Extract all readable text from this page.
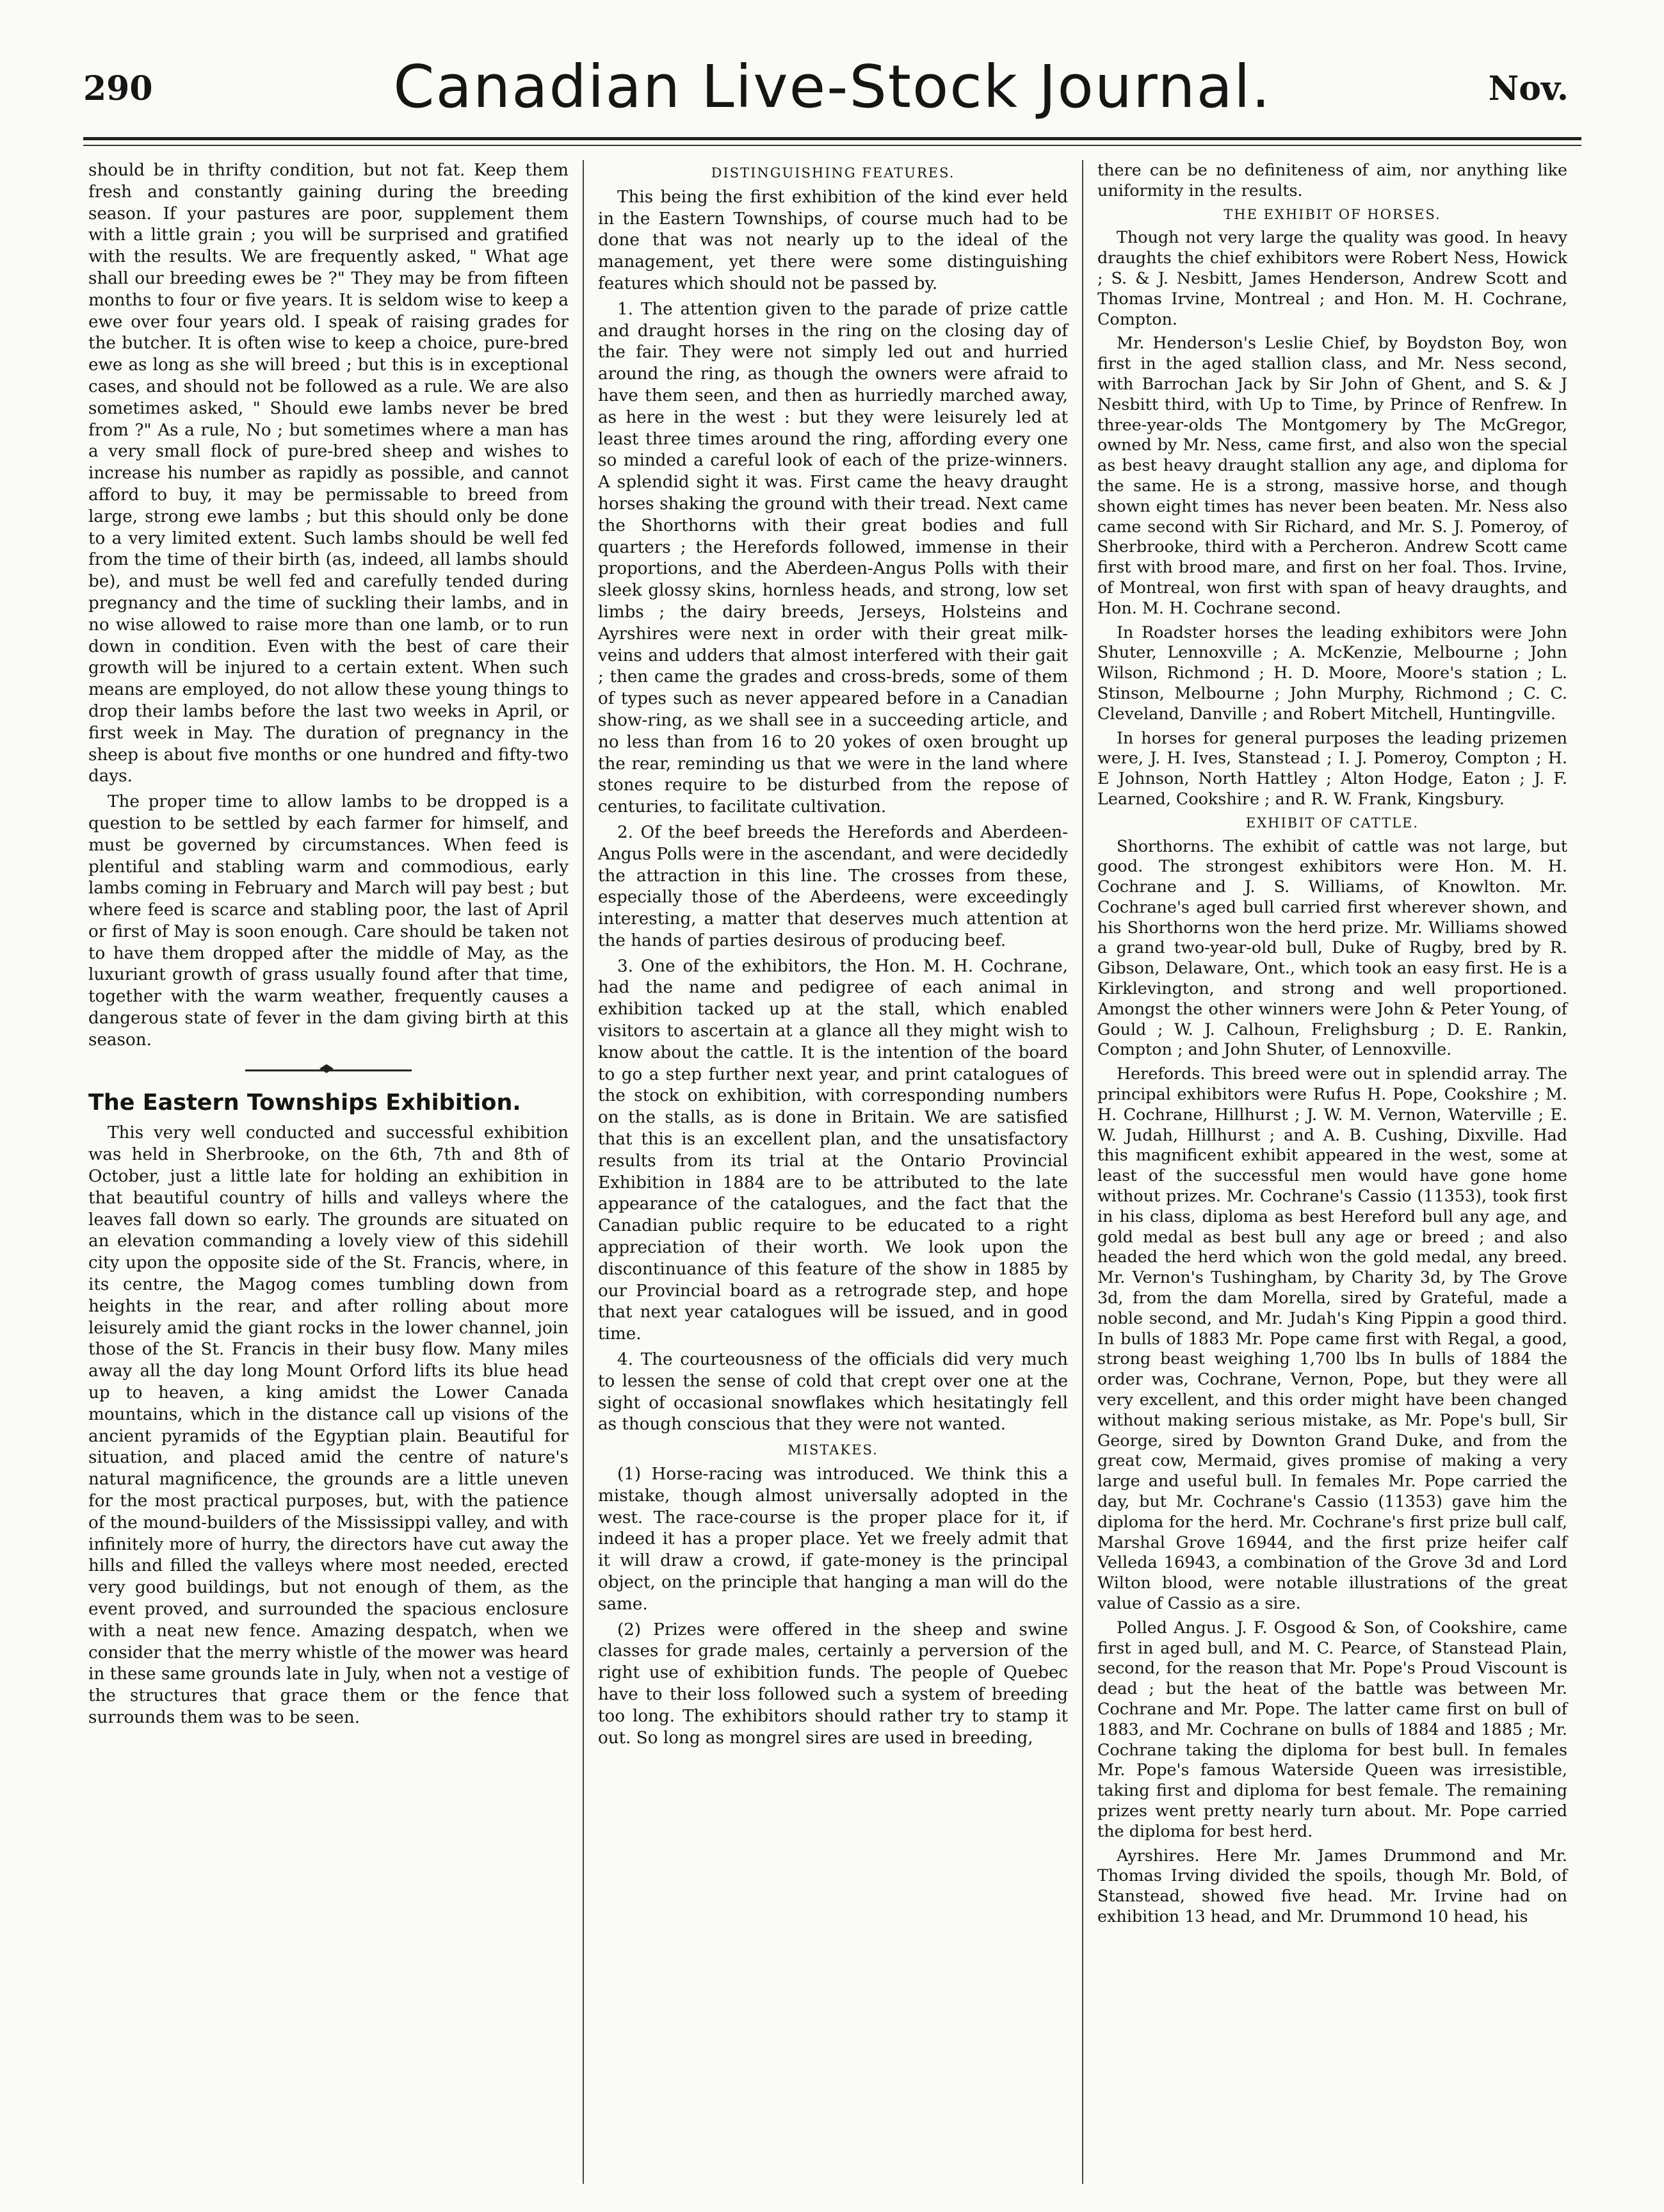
290	Canadian Live-Stock Journal.	Nov.

should be in thrifty condition, but not fat. Keep them fresh and constantly gaining during the breeding season. If your pastures are poor, supplement them with a little grain ; you will be surprised and gratified with the results. We are frequently asked, " What age shall our breeding ewes be ?" They may be from fifteen months to four or five years. It is seldom wise to keep a ewe over four years old. I speak of raising grades for the butcher. It is often wise to keep a choice, pure-bred ewe as long as she will breed ; but this is in exceptional cases, and should not be followed as a rule. We are also sometimes asked, " Should ewe lambs never be bred from ?" As a rule, No ; but sometimes where a man has a very small flock of pure-bred sheep and wishes to increase his number as rapidly as possible, and cannot afford to buy, it may be permissable to breed from large, strong ewe lambs ; but this should only be done to a very limited extent. Such lambs should be well fed from the time of their birth (as, indeed, all lambs should be), and must be well fed and carefully tended during pregnancy and the time of suckling their lambs, and in no wise allowed to raise more than one lamb, or to run down in condition. Even with the best of care their growth will be injured to a certain extent. When such means are employed, do not allow these young things to drop their lambs before the last two weeks in April, or first week in May. The duration of pregnancy in the sheep is about five months or one hundred and fifty-two days.

The proper time to allow lambs to be dropped is a question to be settled by each farmer for himself, and must be governed by circumstances. When feed is plentiful and stabling warm and commodious, early lambs coming in February and March will pay best ; but where feed is scarce and stabling poor, the last of April or first of May is soon enough. Care should be taken not to have them dropped after the middle of May, as the luxuriant growth of grass usually found after that time, together with the warm weather, frequently causes a dangerous state of fever in the dam giving birth at this season.

The Eastern Townships Exhibition.

This very well conducted and successful exhibition was held in Sherbrooke, on the 6th, 7th and 8th of October, just a little late for holding an exhibition in that beautiful country of hills and valleys where the leaves fall down so early. The grounds are situated on an elevation commanding a lovely view of this sidehill city upon the opposite side of the St. Francis, where, in its centre, the Magog comes tumbling down from heights in the rear, and after rolling about more leisurely amid the giant rocks in the lower channel, join those of the St. Francis in their busy flow. Many miles away all the day long Mount Orford lifts its blue head up to heaven, a king amidst the Lower Canada mountains, which in the distance call up visions of the ancient pyramids of the Egyptian plain. Beautiful for situation, and placed amid the centre of nature's natural magnificence, the grounds are a little uneven for the most practical purposes, but, with the patience of the mound-builders of the Mississippi valley, and with infinitely more of hurry, the directors have cut away the hills and filled the valleys where most needed, erected very good buildings, but not enough of them, as the event proved, and surrounded the spacious enclosure with a neat new fence. Amazing despatch, when we consider that the merry whistle of the mower was heard in these same grounds late in July, when not a vestige of the structures that grace them or the fence that surrounds them was to be seen.

DISTINGUISHING FEATURES.

This being the first exhibition of the kind ever held in the Eastern Townships, of course much had to be done that was not nearly up to the ideal of the management, yet there were some distinguishing features which should not be passed by.

1. The attention given to the parade of prize cattle and draught horses in the ring on the closing day of the fair. They were not simply led out and hurried around the ring, as though the owners were afraid to have them seen, and then as hurriedly marched away, as here in the west : but they were leisurely led at least three times around the ring, affording every one so minded a careful look of each of the prize-winners. A splendid sight it was. First came the heavy draught horses shaking the ground with their tread. Next came the Shorthorns with their great bodies and full quarters ; the Herefords followed, immense in their proportions, and the Aberdeen-Angus Polls with their sleek glossy skins, hornless heads, and strong, low set limbs ; the dairy breeds, Jerseys, Holsteins and Ayrshires were next in order with their great milk-veins and udders that almost interfered with their gait ; then came the grades and cross-breds, some of them of types such as never appeared before in a Canadian show-ring, as we shall see in a succeeding article, and no less than from 16 to 20 yokes of oxen brought up the rear, reminding us that we were in the land where stones require to be disturbed from the repose of centuries, to facilitate cultivation.

2. Of the beef breeds the Herefords and Aberdeen-Angus Polls were in the ascendant, and were decidedly the attraction in this line. The crosses from these, especially those of the Aberdeens, were exceedingly interesting, a matter that deserves much attention at the hands of parties desirous of producing beef.

3. One of the exhibitors, the Hon. M. H. Cochrane, had the name and pedigree of each animal in exhibition tacked up at the stall, which enabled visitors to ascertain at a glance all they might wish to know about the cattle. It is the intention of the board to go a step further next year, and print catalogues of the stock on exhibition, with corresponding numbers on the stalls, as is done in Britain. We are satisfied that this is an excellent plan, and the unsatisfactory results from its trial at the Ontario Provincial Exhibition in 1884 are to be attributed to the late appearance of the catalogues, and the fact that the Canadian public require to be educated to a right appreciation of their worth. We look upon the discontinuance of this feature of the show in 1885 by our Provincial board as a retrograde step, and hope that next year catalogues will be issued, and in good time.

4. The courteousness of the officials did very much to lessen the sense of cold that crept over one at the sight of occasional snowflakes which hesitatingly fell as though conscious that they were not wanted.

MISTAKES.

(1) Horse-racing was introduced. We think this a mistake, though almost universally adopted in the west. The race-course is the proper place for it, if indeed it has a proper place. Yet we freely admit that it will draw a crowd, if gate-money is the principal object, on the principle that hanging a man will do the same.

(2) Prizes were offered in the sheep and swine classes for grade males, certainly a perversion of the right use of exhibition funds. The people of Quebec have to their loss followed such a system of breeding too long. The exhibitors should rather try to stamp it out. So long as mongrel sires are used in breeding,

there can be no definiteness of aim, nor anything like uniformity in the results.

THE EXHIBIT OF HORSES.

Though not very large the quality was good. In heavy draughts the chief exhibitors were Robert Ness, Howick ; S. & J. Nesbitt, James Henderson, Andrew Scott and Thomas Irvine, Montreal ; and Hon. M. H. Cochrane, Compton.

Mr. Henderson's Leslie Chief, by Boydston Boy, won first in the aged stallion class, and Mr. Ness second, with Barrochan Jack by Sir John of Ghent, and S. & J Nesbitt third, with Up to Time, by Prince of Renfrew. In three-year-olds The Montgomery by The McGregor, owned by Mr. Ness, came first, and also won the special as best heavy draught stallion any age, and diploma for the same. He is a strong, massive horse, and though shown eight times has never been beaten. Mr. Ness also came second with Sir Richard, and Mr. S. J. Pomeroy, of Sherbrooke, third with a Percheron. Andrew Scott came first with brood mare, and first on her foal. Thos. Irvine, of Montreal, won first with span of heavy draughts, and Hon. M. H. Cochrane second.

In Roadster horses the leading exhibitors were John Shuter, Lennoxville ; A. McKenzie, Melbourne ; John Wilson, Richmond ; H. D. Moore, Moore's station ; L. Stinson, Melbourne ; John Murphy, Richmond ; C. C. Cleveland, Danville ; and Robert Mitchell, Huntingville.

In horses for general purposes the leading prizemen were, J. H. Ives, Stanstead ; I. J. Pomeroy, Compton ; H. E Johnson, North Hattley ; Alton Hodge, Eaton ; J. F. Learned, Cookshire ; and R. W. Frank, Kingsbury.

EXHIBIT OF CATTLE.

Shorthorns. The exhibit of cattle was not large, but good. The strongest exhibitors were Hon. M. H. Cochrane and J. S. Williams, of Knowlton. Mr. Cochrane's aged bull carried first wherever shown, and his Shorthorns won the herd prize. Mr. Williams showed a grand two-year-old bull, Duke of Rugby, bred by R. Gibson, Delaware, Ont., which took an easy first. He is a Kirklevington, and strong and well proportioned. Amongst the other winners were John & Peter Young, of Gould ; W. J. Calhoun, Frelighsburg ; D. E. Rankin, Compton ; and John Shuter, of Lennoxville.

Herefords. This breed were out in splendid array. The principal exhibitors were Rufus H. Pope, Cookshire ; M. H. Cochrane, Hillhurst ; J. W. M. Vernon, Waterville ; E. W. Judah, Hillhurst ; and A. B. Cushing, Dixville. Had this magnificent exhibit appeared in the west, some at least of the successful men would have gone home without prizes. Mr. Cochrane's Cassio (11353), took first in his class, diploma as best Hereford bull any age, and gold medal as best bull any age or breed ; and also headed the herd which won the gold medal, any breed. Mr. Vernon's Tushingham, by Charity 3d, by The Grove 3d, from the dam Morella, sired by Grateful, made a noble second, and Mr. Judah's King Pippin a good third. In bulls of 1883 Mr. Pope came first with Regal, a good, strong beast weighing 1,700 lbs In bulls of 1884 the order was, Cochrane, Vernon, Pope, but they were all very excellent, and this order might have been changed without making serious mistake, as Mr. Pope's bull, Sir George, sired by Downton Grand Duke, and from the great cow, Mermaid, gives promise of making a very large and useful bull. In females Mr. Pope carried the day, but Mr. Cochrane's Cassio (11353) gave him the diploma for the herd. Mr. Cochrane's first prize bull calf, Marshal Grove 16944, and the first prize heifer calf Velleda 16943, a combination of the Grove 3d and Lord Wilton blood, were notable illustrations of the great value of Cassio as a sire.

Polled Angus. J. F. Osgood & Son, of Cookshire, came first in aged bull, and M. C. Pearce, of Stanstead Plain, second, for the reason that Mr. Pope's Proud Viscount is dead ; but the heat of the battle was between Mr. Cochrane and Mr. Pope. The latter came first on bull of 1883, and Mr. Cochrane on bulls of 1884 and 1885 ; Mr. Cochrane taking the diploma for best bull. In females Mr. Pope's famous Waterside Queen was irresistible, taking first and diploma for best female. The remaining prizes went pretty nearly turn about. Mr. Pope carried the diploma for best herd.

Ayrshires. Here Mr. James Drummond and Mr. Thomas Irving divided the spoils, though Mr. Bold, of Stanstead, showed five head. Mr. Irvine had on exhibition 13 head, and Mr. Drummond 10 head, his
